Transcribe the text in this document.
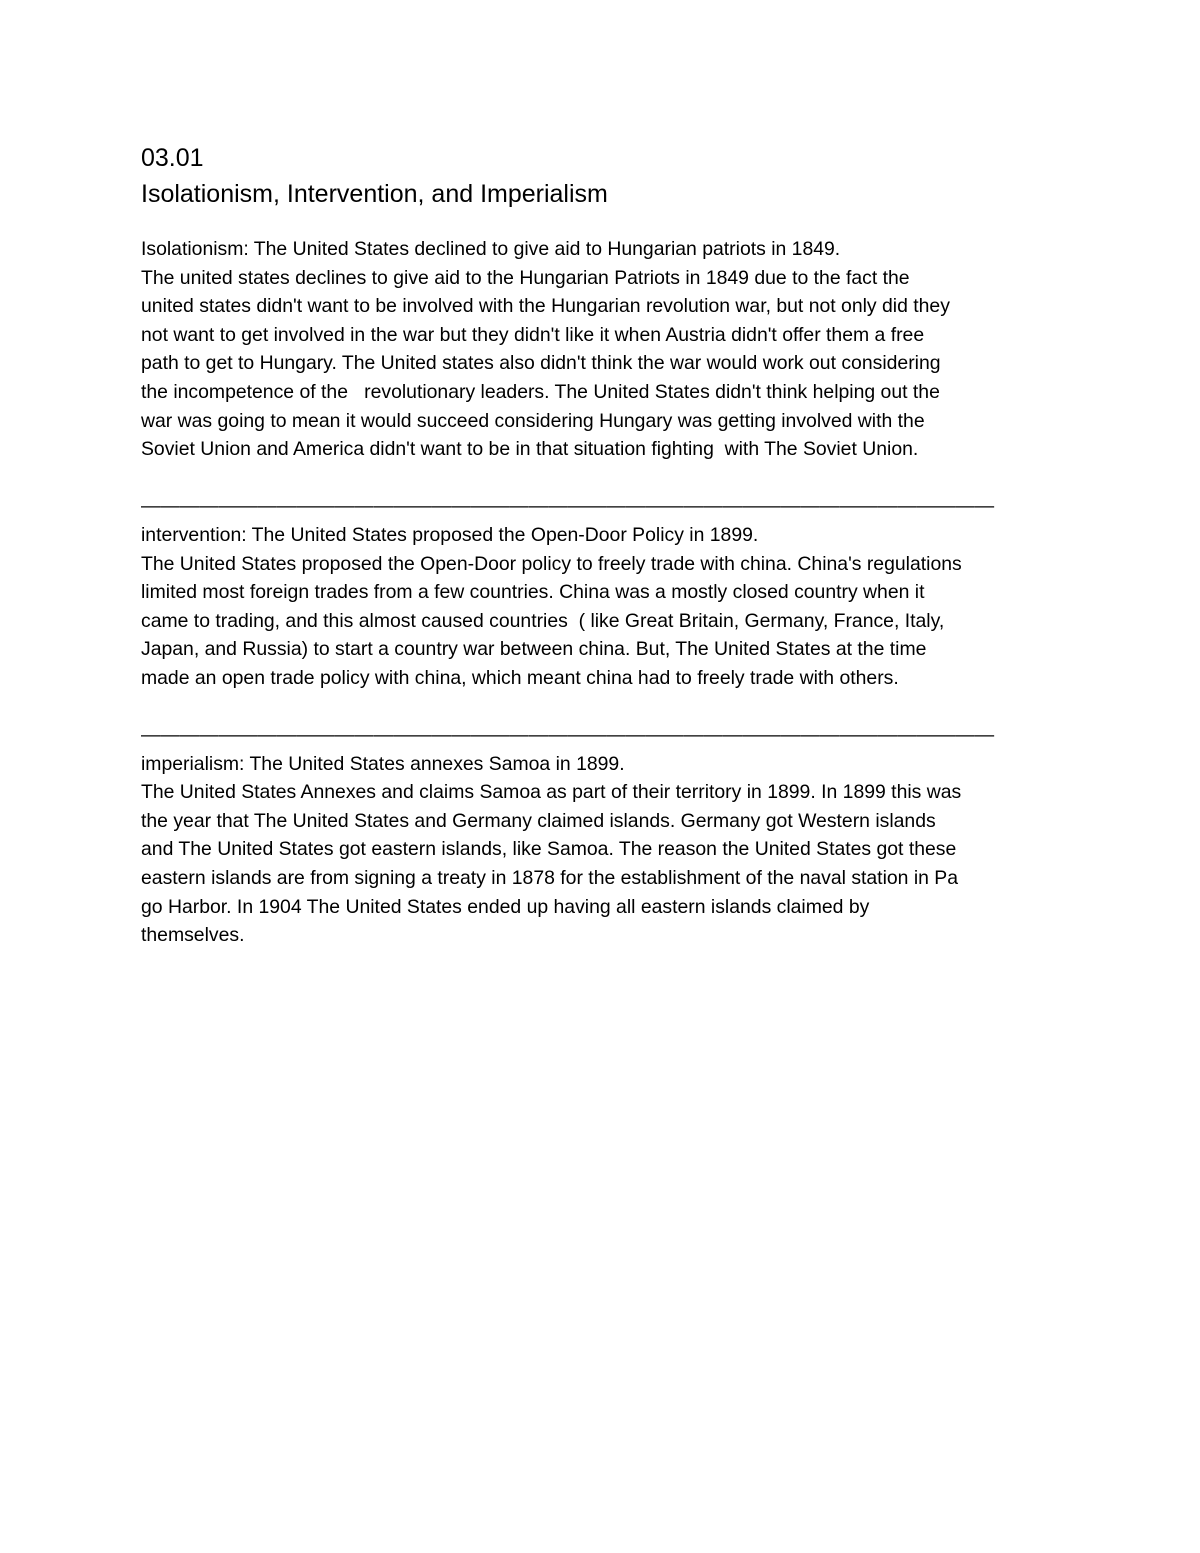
03.01
Isolationism, Intervention, and Imperialism

Isolationism: The United States declined to give aid to Hungarian patriots in 1849.

The united states declines to give aid to the Hungarian Patriots in 1849 due to the fact the

united states didn't want to be involved with the Hungarian revolution war, but not only did they

not want to get involved in the war but they didn't like it when Austria didn't offer them a free

path to get to Hungary. The United states also didn't think the war would work out considering

the incompetence of the   revolutionary leaders. The United States didn't think helping out the

war was going to mean it would succeed considering Hungary was getting involved with the

Soviet Union and America didn't want to be in that situation fighting  with The Soviet Union.

————————————————————————————————————————————

intervention: The United States proposed the Open-Door Policy in 1899.

The United States proposed the Open-Door policy to freely trade with china. China's regulations

limited most foreign trades from a few countries. China was a mostly closed country when it

came to trading, and this almost caused countries  ( like Great Britain, Germany, France, Italy,

Japan, and Russia) to start a country war between china. But, The United States at the time

made an open trade policy with china, which meant china had to freely trade with others.

————————————————————————————————————————————

imperialism: The United States annexes Samoa in 1899.

The United States Annexes and claims Samoa as part of their territory in 1899. In 1899 this was

the year that The United States and Germany claimed islands. Germany got Western islands

and The United States got eastern islands, like Samoa. The reason the United States got these

eastern islands are from signing a treaty in 1878 for the establishment of the naval station in Pa

go Harbor. In 1904 The United States ended up having all eastern islands claimed by

themselves.
